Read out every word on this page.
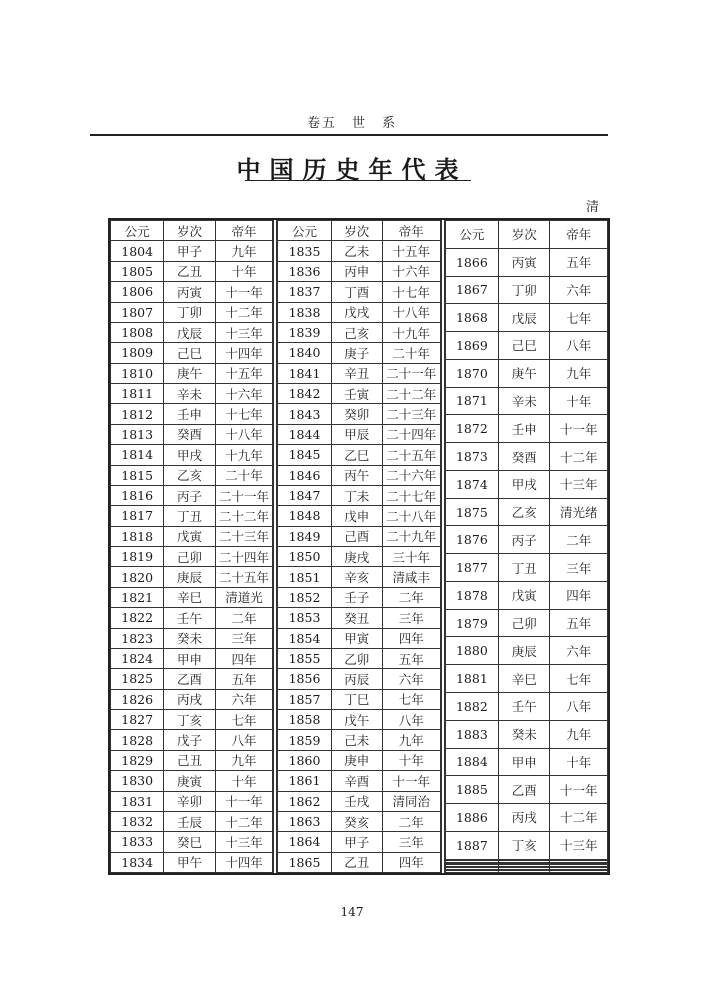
卷五　世　系
中国历史年代表
清
公元	岁次	帝年
1804	甲子	九年
1805	乙丑	十年
1806	丙寅	十一年
1807	丁卯	十二年
1808	戊辰	十三年
1809	己巳	十四年
1810	庚午	十五年
1811	辛未	十六年
1812	壬申	十七年
1813	癸酉	十八年
1814	甲戌	十九年
1815	乙亥	二十年
1816	丙子	二十一年
1817	丁丑	二十二年
1818	戊寅	二十三年
1819	己卯	二十四年
1820	庚辰	二十五年
1821	辛巳	清道光
1822	壬午	二年
1823	癸未	三年
1824	甲申	四年
1825	乙酉	五年
1826	丙戌	六年
1827	丁亥	七年
1828	戊子	八年
1829	己丑	九年
1830	庚寅	十年
1831	辛卯	十一年
1832	壬辰	十二年
1833	癸巳	十三年
1834	甲午	十四年
公元	岁次	帝年
1835	乙未	十五年
1836	丙申	十六年
1837	丁酉	十七年
1838	戊戌	十八年
1839	己亥	十九年
1840	庚子	二十年
1841	辛丑	二十一年
1842	壬寅	二十二年
1843	癸卯	二十三年
1844	甲辰	二十四年
1845	乙巳	二十五年
1846	丙午	二十六年
1847	丁未	二十七年
1848	戊申	二十八年
1849	己酉	二十九年
1850	庚戌	三十年
1851	辛亥	清咸丰
1852	壬子	二年
1853	癸丑	三年
1854	甲寅	四年
1855	乙卯	五年
1856	丙辰	六年
1857	丁巳	七年
1858	戊午	八年
1859	己未	九年
1860	庚申	十年
1861	辛酉	十一年
1862	壬戌	清同治
1863	癸亥	二年
1864	甲子	三年
1865	乙丑	四年
公元	岁次	帝年
1866	丙寅	五年
1867	丁卯	六年
1868	戊辰	七年
1869	己巳	八年
1870	庚午	九年
1871	辛未	十年
1872	壬申	十一年
1873	癸酉	十二年
1874	甲戌	十三年
1875	乙亥	清光绪
1876	丙子	二年
1877	丁丑	三年
1878	戊寅	四年
1879	己卯	五年
1880	庚辰	六年
1881	辛巳	七年
1882	壬午	八年
1883	癸未	九年
1884	甲申	十年
1885	乙酉	十一年
1886	丙戌	十二年
1887	丁亥	十三年

147
